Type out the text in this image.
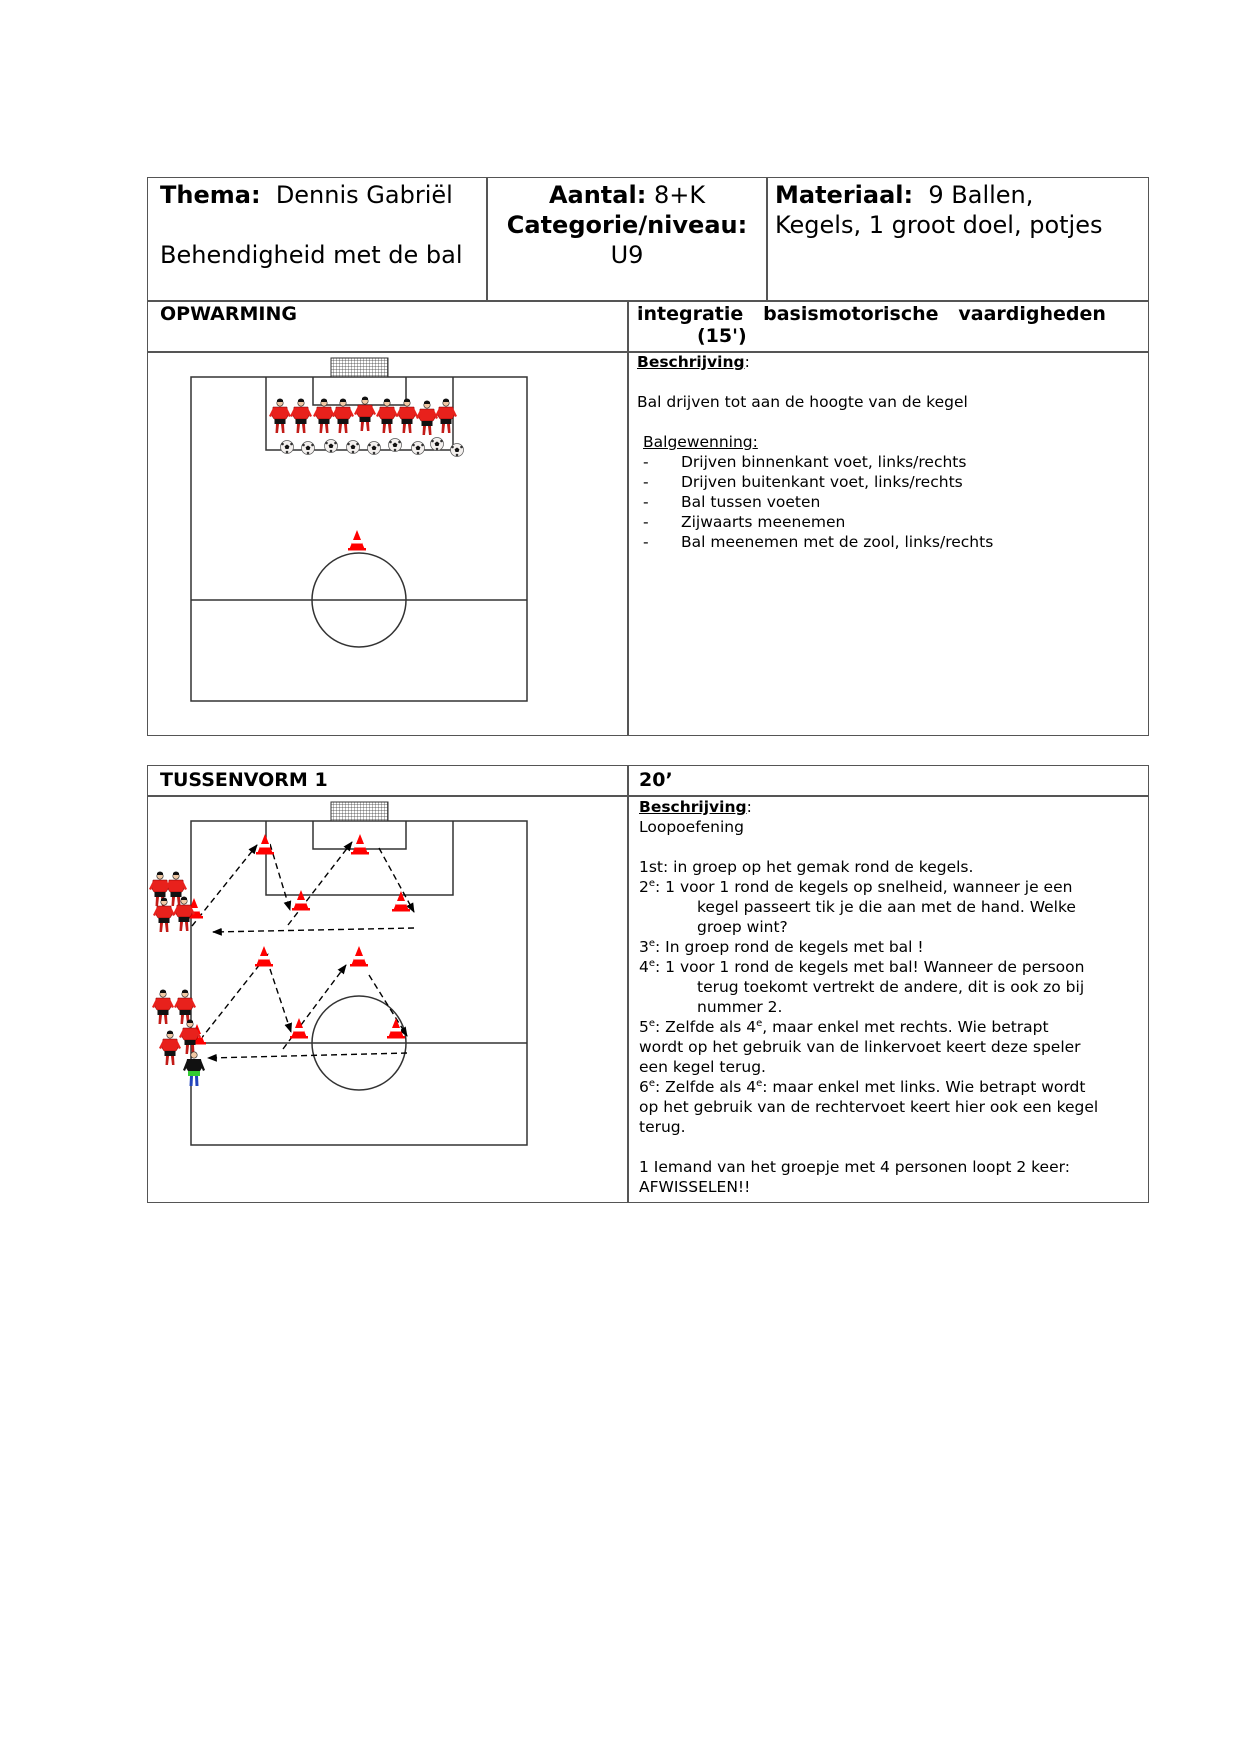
Thema: Dennis Gabriël
Behendigheid met de bal
Aantal: 8+K
Categorie/niveau:
U9
Materiaal: 9 Ballen,
Kegels, 1 groot doel, potjes
OPWARMING	integratie   basismotorische   vaardigheden
(15')
Beschrijving:
Bal drijven tot aan de hoogte van de kegel
Balgewenning:
-	Drijven binnenkant voet, links/rechts
-	Drijven buitenkant voet, links/rechts
-	Bal tussen voeten
-	Zijwaarts meenemen
-	Bal meenemen met de zool, links/rechts
TUSSENVORM 1	20’
Beschrijving:
Loopoefening
1st: in groep op het gemak rond de kegels.
2e: 1 voor 1 rond de kegels op snelheid, wanneer je een
kegel passeert tik je die aan met de hand. Welke
groep wint?
3e: In groep rond de kegels met bal !
4e: 1 voor 1 rond de kegels met bal! Wanneer de persoon
terug toekomt vertrekt de andere, dit is ook zo bij
nummer 2.
5e: Zelfde als 4e, maar enkel met rechts. Wie betrapt
wordt op het gebruik van de linkervoet keert deze speler
een kegel terug.
6e: Zelfde als 4e: maar enkel met links. Wie betrapt wordt
op het gebruik van de rechtervoet keert hier ook een kegel
terug.
1 Iemand van het groepje met 4 personen loopt 2 keer:
AFWISSELEN!!
